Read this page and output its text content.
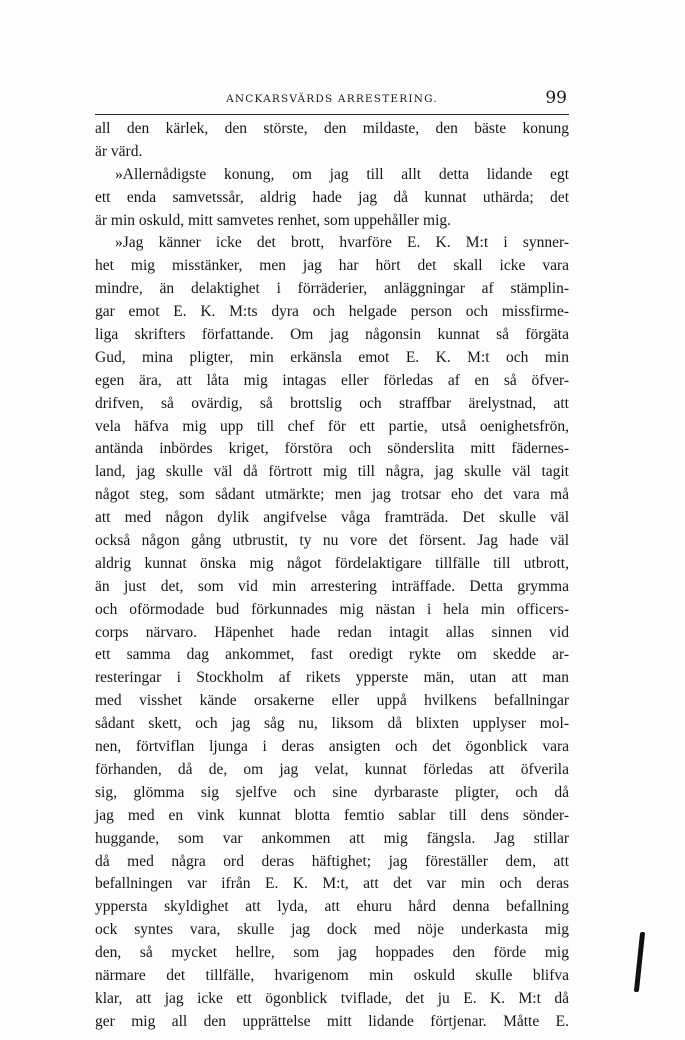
ANCKARSVÄRDS ARRESTERING.	99
all den kärlek, den störste, den mildaste, den bäste konung
är värd.
»Allernådigste konung, om jag till allt detta lidande egt
ett enda samvetssår, aldrig hade jag då kunnat uthärda; det
är min oskuld, mitt samvetes renhet, som uppehåller mig.
»Jag känner icke det brott, hvarföre E. K. M:t i synner-
het mig misstänker, men jag har hört det skall icke vara
mindre, än delaktighet i förräderier, anläggningar af stämplin-
gar emot E. K. M:ts dyra och helgade person och missfirme-
liga skrifters författande. Om jag någonsin kunnat så förgäta
Gud, mina pligter, min erkänsla emot E. K. M:t och min
egen ära, att låta mig intagas eller förledas af en så öfver-
drifven, så ovärdig, så brottslig och straffbar ärelystnad, att
vela häfva mig upp till chef för ett partie, utså oenighetsfrön,
antända inbördes kriget, förstöra och sönderslita mitt fädernes-
land, jag skulle väl då förtrott mig till några, jag skulle väl tagit
något steg, som sådant utmärkte; men jag trotsar eho det vara må
att med någon dylik angifvelse våga framträda. Det skulle väl
också någon gång utbrustit, ty nu vore det försent. Jag hade väl
aldrig kunnat önska mig något fördelaktigare tillfälle till utbrott,
än just det, som vid min arrestering inträffade. Detta grymma
och oförmodade bud förkunnades mig nästan i hela min officers-
corps närvaro. Häpenhet hade redan intagit allas sinnen vid
ett samma dag ankommet, fast oredigt rykte om skedde ar-
resteringar i Stockholm af rikets ypperste män, utan att man
med visshet kände orsakerne eller uppå hvilkens befallningar
sådant skett, och jag såg nu, liksom då blixten upplyser mol-
nen, förtviflan ljunga i deras ansigten och det ögonblick vara
förhanden, då de, om jag velat, kunnat förledas att öfverila
sig, glömma sig sjelfve och sine dyrbaraste pligter, och då
jag med en vink kunnat blotta femtio sablar till dens sönder-
huggande, som var ankommen att mig fängsla. Jag stillar
då med några ord deras häftighet; jag föreställer dem, att
befallningen var ifrån E. K. M:t, att det var min och deras
yppersta skyldighet att lyda, att ehuru hård denna befallning
ock syntes vara, skulle jag dock med nöje underkasta mig
den, så mycket hellre, som jag hoppades den förde mig
närmare det tillfälle, hvarigenom min oskuld skulle blifva
klar, att jag icke ett ögonblick tviflade, det ju E. K. M:t då
ger mig all den upprättelse mitt lidande förtjenar. Måtte E.
